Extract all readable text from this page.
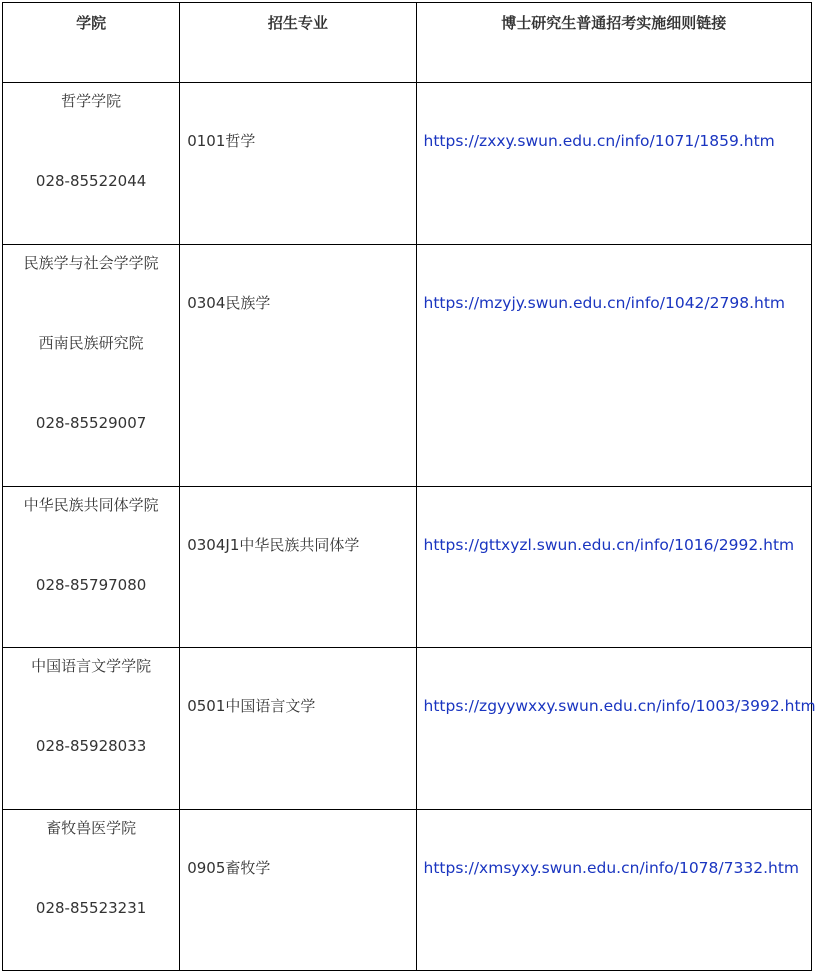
学院	招生专业	博士研究生普通招考实施细则链接

哲学学院
028-85522044	0101哲学	https://zxxy.swun.edu.cn/info/1071/1859.htm

民族学与社会学学院
西南民族研究院
028-85529007	0304民族学	https://mzyjy.swun.edu.cn/info/1042/2798.htm

中华民族共同体学院
028-85797080	0304J1中华民族共同体学	https://gttxyzl.swun.edu.cn/info/1016/2992.htm

中国语言文学学院
028-85928033	0501中国语言文学	https://zgyywxxy.swun.edu.cn/info/1003/3992.htm

畜牧兽医学院
028-85523231	0905畜牧学	https://xmsyxy.swun.edu.cn/info/1078/7332.htm
